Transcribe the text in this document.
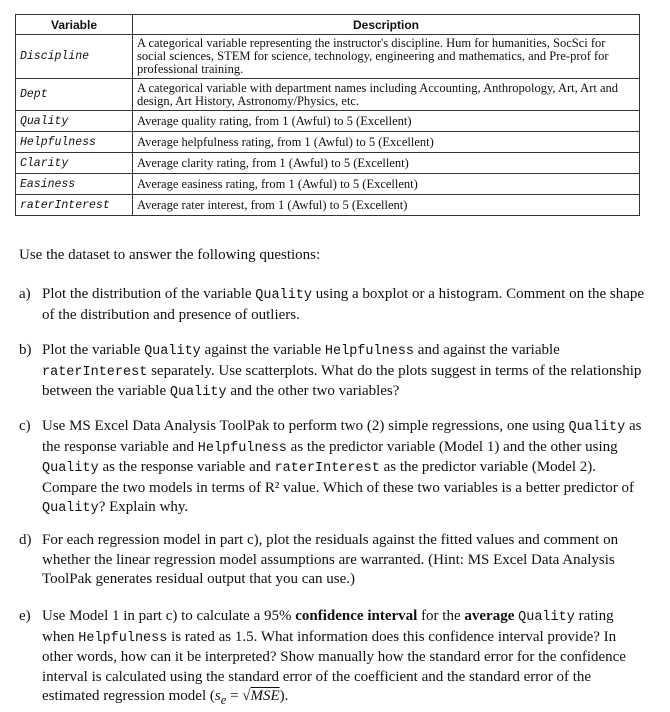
Variable	Description
Discipline	A categorical variable representing the instructor's discipline. Hum for humanities, SocSci for social sciences, STEM for science, technology, engineering and mathematics, and Pre-prof for professional training.
Dept	A categorical variable with department names including Accounting, Anthropology, Art, Art and design, Art History, Astronomy/Physics, etc.
Quality	Average quality rating, from 1 (Awful) to 5 (Excellent)
Helpfulness	Average helpfulness rating, from 1 (Awful) to 5 (Excellent)
Clarity	Average clarity rating, from 1 (Awful) to 5 (Excellent)
Easiness	Average easiness rating, from 1 (Awful) to 5 (Excellent)
raterInterest	Average rater interest, from 1 (Awful) to 5 (Excellent)
Use the dataset to answer the following questions:
a) Plot the distribution of the variable Quality using a boxplot or a histogram. Comment on the shape of the distribution and presence of outliers.
b) Plot the variable Quality against the variable Helpfulness and against the variable raterInterest separately. Use scatterplots. What do the plots suggest in terms of the relationship between the variable Quality and the other two variables?
c) Use MS Excel Data Analysis ToolPak to perform two (2) simple regressions, one using Quality as the response variable and Helpfulness as the predictor variable (Model 1) and the other using Quality as the response variable and raterInterest as the predictor variable (Model 2). Compare the two models in terms of R² value. Which of these two variables is a better predictor of Quality? Explain why.
d) For each regression model in part c), plot the residuals against the fitted values and comment on whether the linear regression model assumptions are warranted. (Hint: MS Excel Data Analysis ToolPak generates residual output that you can use.)
e) Use Model 1 in part c) to calculate a 95% confidence interval for the average Quality rating when Helpfulness is rated as 1.5. What information does this confidence interval provide? In other words, how can it be interpreted? Show manually how the standard error for the confidence interval is calculated using the standard error of the coefficient and the standard error of the estimated regression model $(s_e = √MSE)$.
